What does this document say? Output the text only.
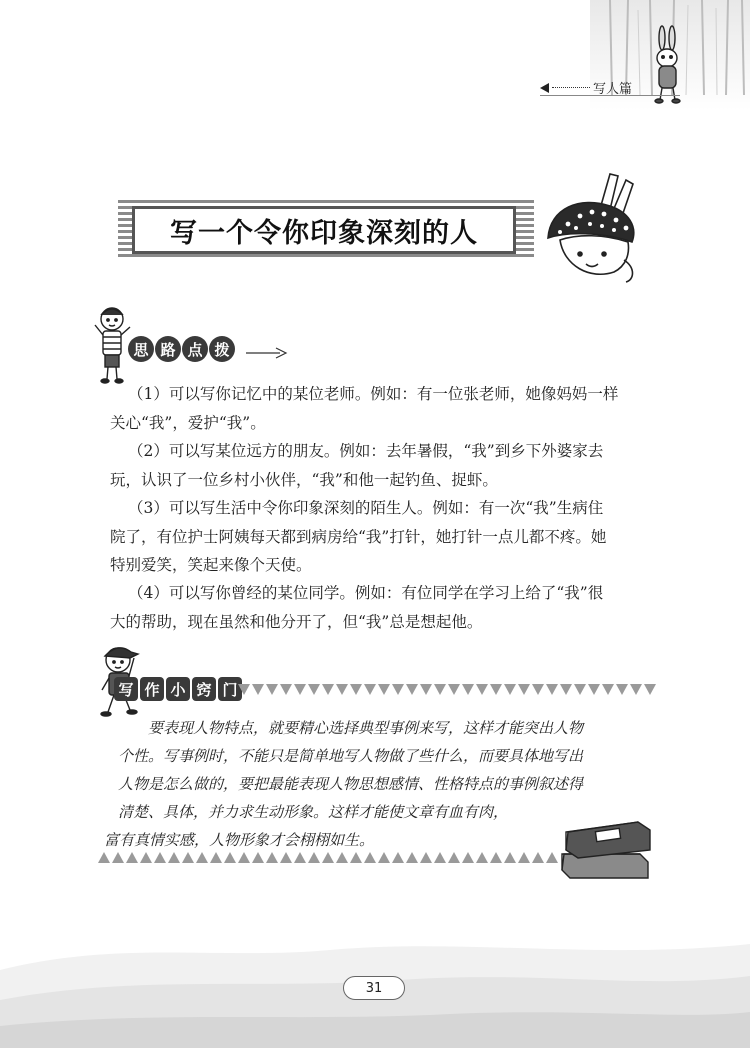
写人篇
写一个令你印象深刻的人
思 路 点 拨
（1）可以写你记忆中的某位老师。例如：有一位张老师，她像妈妈一样
关心“我”，爱护“我”。
（2）可以写某位远方的朋友。例如：去年暑假，“我”到乡下外婆家去
玩，认识了一位乡村小伙伴，“我”和他一起钓鱼、捉虾。
（3）可以写生活中令你印象深刻的陌生人。例如：有一次“我”生病住
院了，有位护士阿姨每天都到病房给“我”打针，她打针一点儿都不疼。她
特别爱笑，笑起来像个天使。
（4）可以写你曾经的某位同学。例如：有位同学在学习上给了“我”很
大的帮助，现在虽然和他分开了，但“我”总是想起他。
写 作 小 窍 门
要表现人物特点，就要精心选择典型事例来写，这样才能突出人物
个性。写事例时，不能只是简单地写人物做了些什么，而要具体地写出
人物是怎么做的，要把最能表现人物思想感情、性格特点的事例叙述得
清楚、具体，并力求生动形象。这样才能使文章有血有肉，
富有真情实感，人物形象才会栩栩如生。
31
